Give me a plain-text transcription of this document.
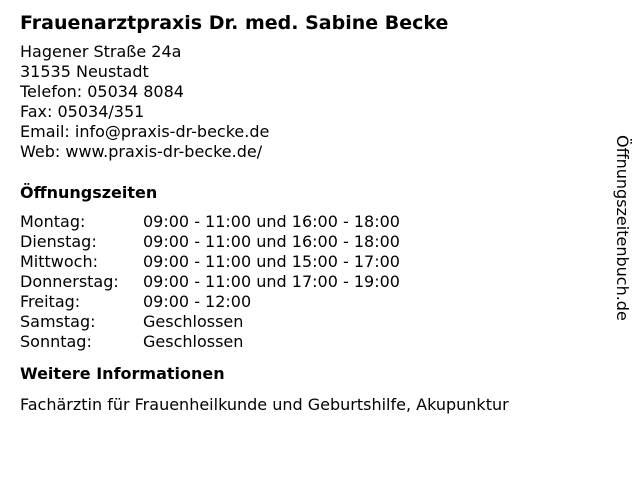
Frauenarztpraxis Dr. med. Sabine Becke
Hagener Straße 24a
31535 Neustadt
Telefon: 05034 8084
Fax: 05034/351
Email: info@praxis-dr-becke.de
Web: www.praxis-dr-becke.de/
Öffnungszeiten
Montag:	09:00 - 11:00 und 16:00 - 18:00
Dienstag:	09:00 - 11:00 und 16:00 - 18:00
Mittwoch:	09:00 - 11:00 und 15:00 - 17:00
Donnerstag:	09:00 - 11:00 und 17:00 - 19:00
Freitag:	09:00 - 12:00
Samstag:	Geschlossen
Sonntag:	Geschlossen
Weitere Informationen
Fachärztin für Frauenheilkunde und Geburtshilfe, Akupunktur
Öffnungszeitenbuch.de
